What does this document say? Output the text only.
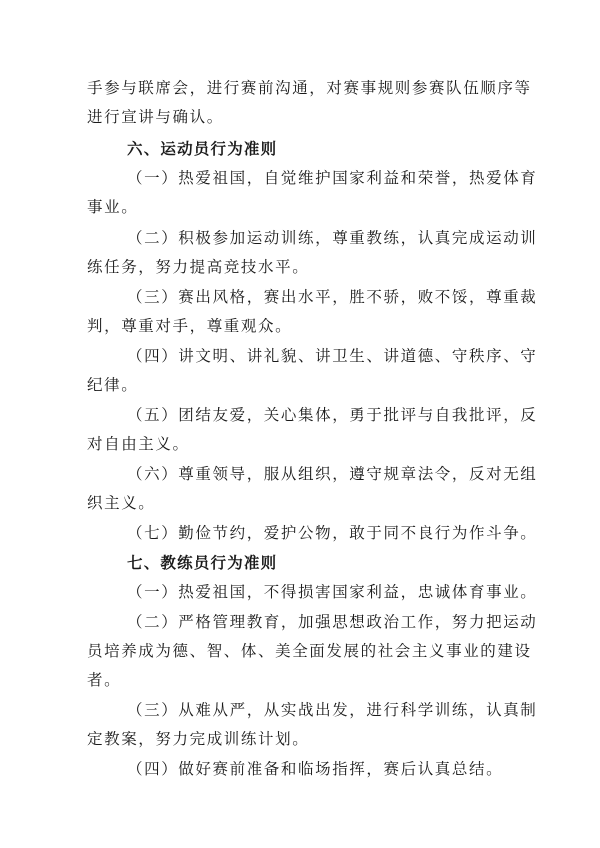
手参与联席会，进行赛前沟通，对赛事规则参赛队伍顺序等
进行宣讲与确认。
六、运动员行为准则
（一）热爱祖国，自觉维护国家利益和荣誉，热爱体育
事业。
（二）积极参加运动训练，尊重教练，认真完成运动训
练任务，努力提高竞技水平。
（三）赛出风格，赛出水平，胜不骄，败不馁，尊重裁
判，尊重对手，尊重观众。
（四）讲文明、讲礼貌、讲卫生、讲道德、守秩序、守
纪律。
（五）团结友爱，关心集体，勇于批评与自我批评，反
对自由主义。
（六）尊重领导，服从组织，遵守规章法令，反对无组
织主义。
（七）勤俭节约，爱护公物，敢于同不良行为作斗争。
七、教练员行为准则
（一）热爱祖国，不得损害国家利益，忠诚体育事业。
（二）严格管理教育，加强思想政治工作，努力把运动
员培养成为德、智、体、美全面发展的社会主义事业的建设
者。
（三）从难从严，从实战出发，进行科学训练，认真制
定教案，努力完成训练计划。
（四）做好赛前准备和临场指挥，赛后认真总结。
